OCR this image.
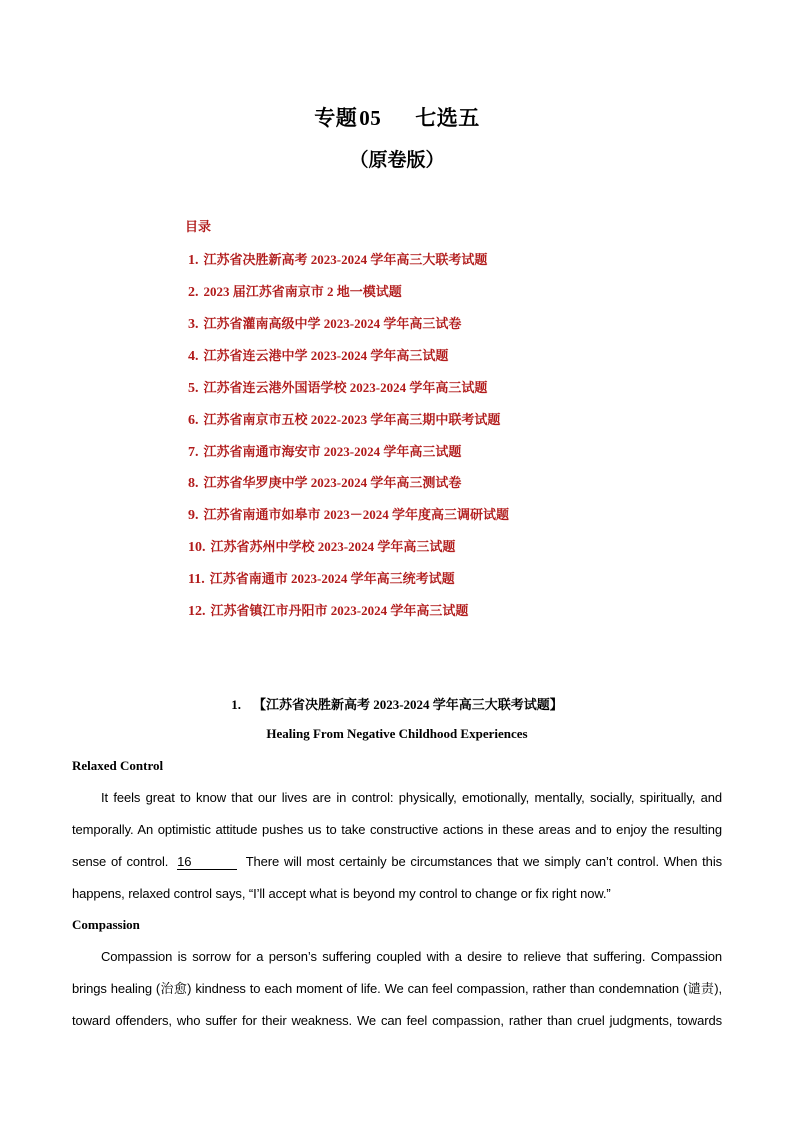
专题05 七选五
（原卷版）
目录
1. 江苏省决胜新高考 2023-2024 学年高三大联考试题
2. 2023 届江苏省南京市 2 地一模试题
3. 江苏省灌南高级中学 2023-2024 学年高三试卷
4. 江苏省连云港中学 2023-2024 学年高三试题
5. 江苏省连云港外国语学校 2023-2024 学年高三试题
6. 江苏省南京市五校 2022-2023 学年高三期中联考试题
7. 江苏省南通市海安市 2023-2024 学年高三试题
8. 江苏省华罗庚中学 2023-2024 学年高三测试卷
9. 江苏省南通市如皋市 2023－2024 学年度高三调研试题
10. 江苏省苏州中学校 2023-2024 学年高三试题
11. 江苏省南通市 2023-2024 学年高三统考试题
12. 江苏省镇江市丹阳市 2023-2024 学年高三试题
1. 【江苏省决胜新高考 2023-2024 学年高三大联考试题】
Healing From Negative Childhood Experiences
Relaxed Control
It feels great to know that our lives are in control: physically, emotionally, mentally, socially, spiritually, and
temporally. An optimistic attitude pushes us to take constructive actions in these areas and to enjoy the resulting
sense of control. 16	There will most certainly be circumstances that we simply can’t control. When this
happens, relaxed control says, “I’ll accept what is beyond my control to change or fix right now.”
Compassion
Compassion is sorrow for a person’s suffering coupled with a desire to relieve that suffering. Compassion
brings healing (治愈) kindness to each moment of life. We can feel compassion, rather than condemnation (谴责),
toward offenders, who suffer for their weakness. We can feel compassion, rather than cruel judgments, towards
